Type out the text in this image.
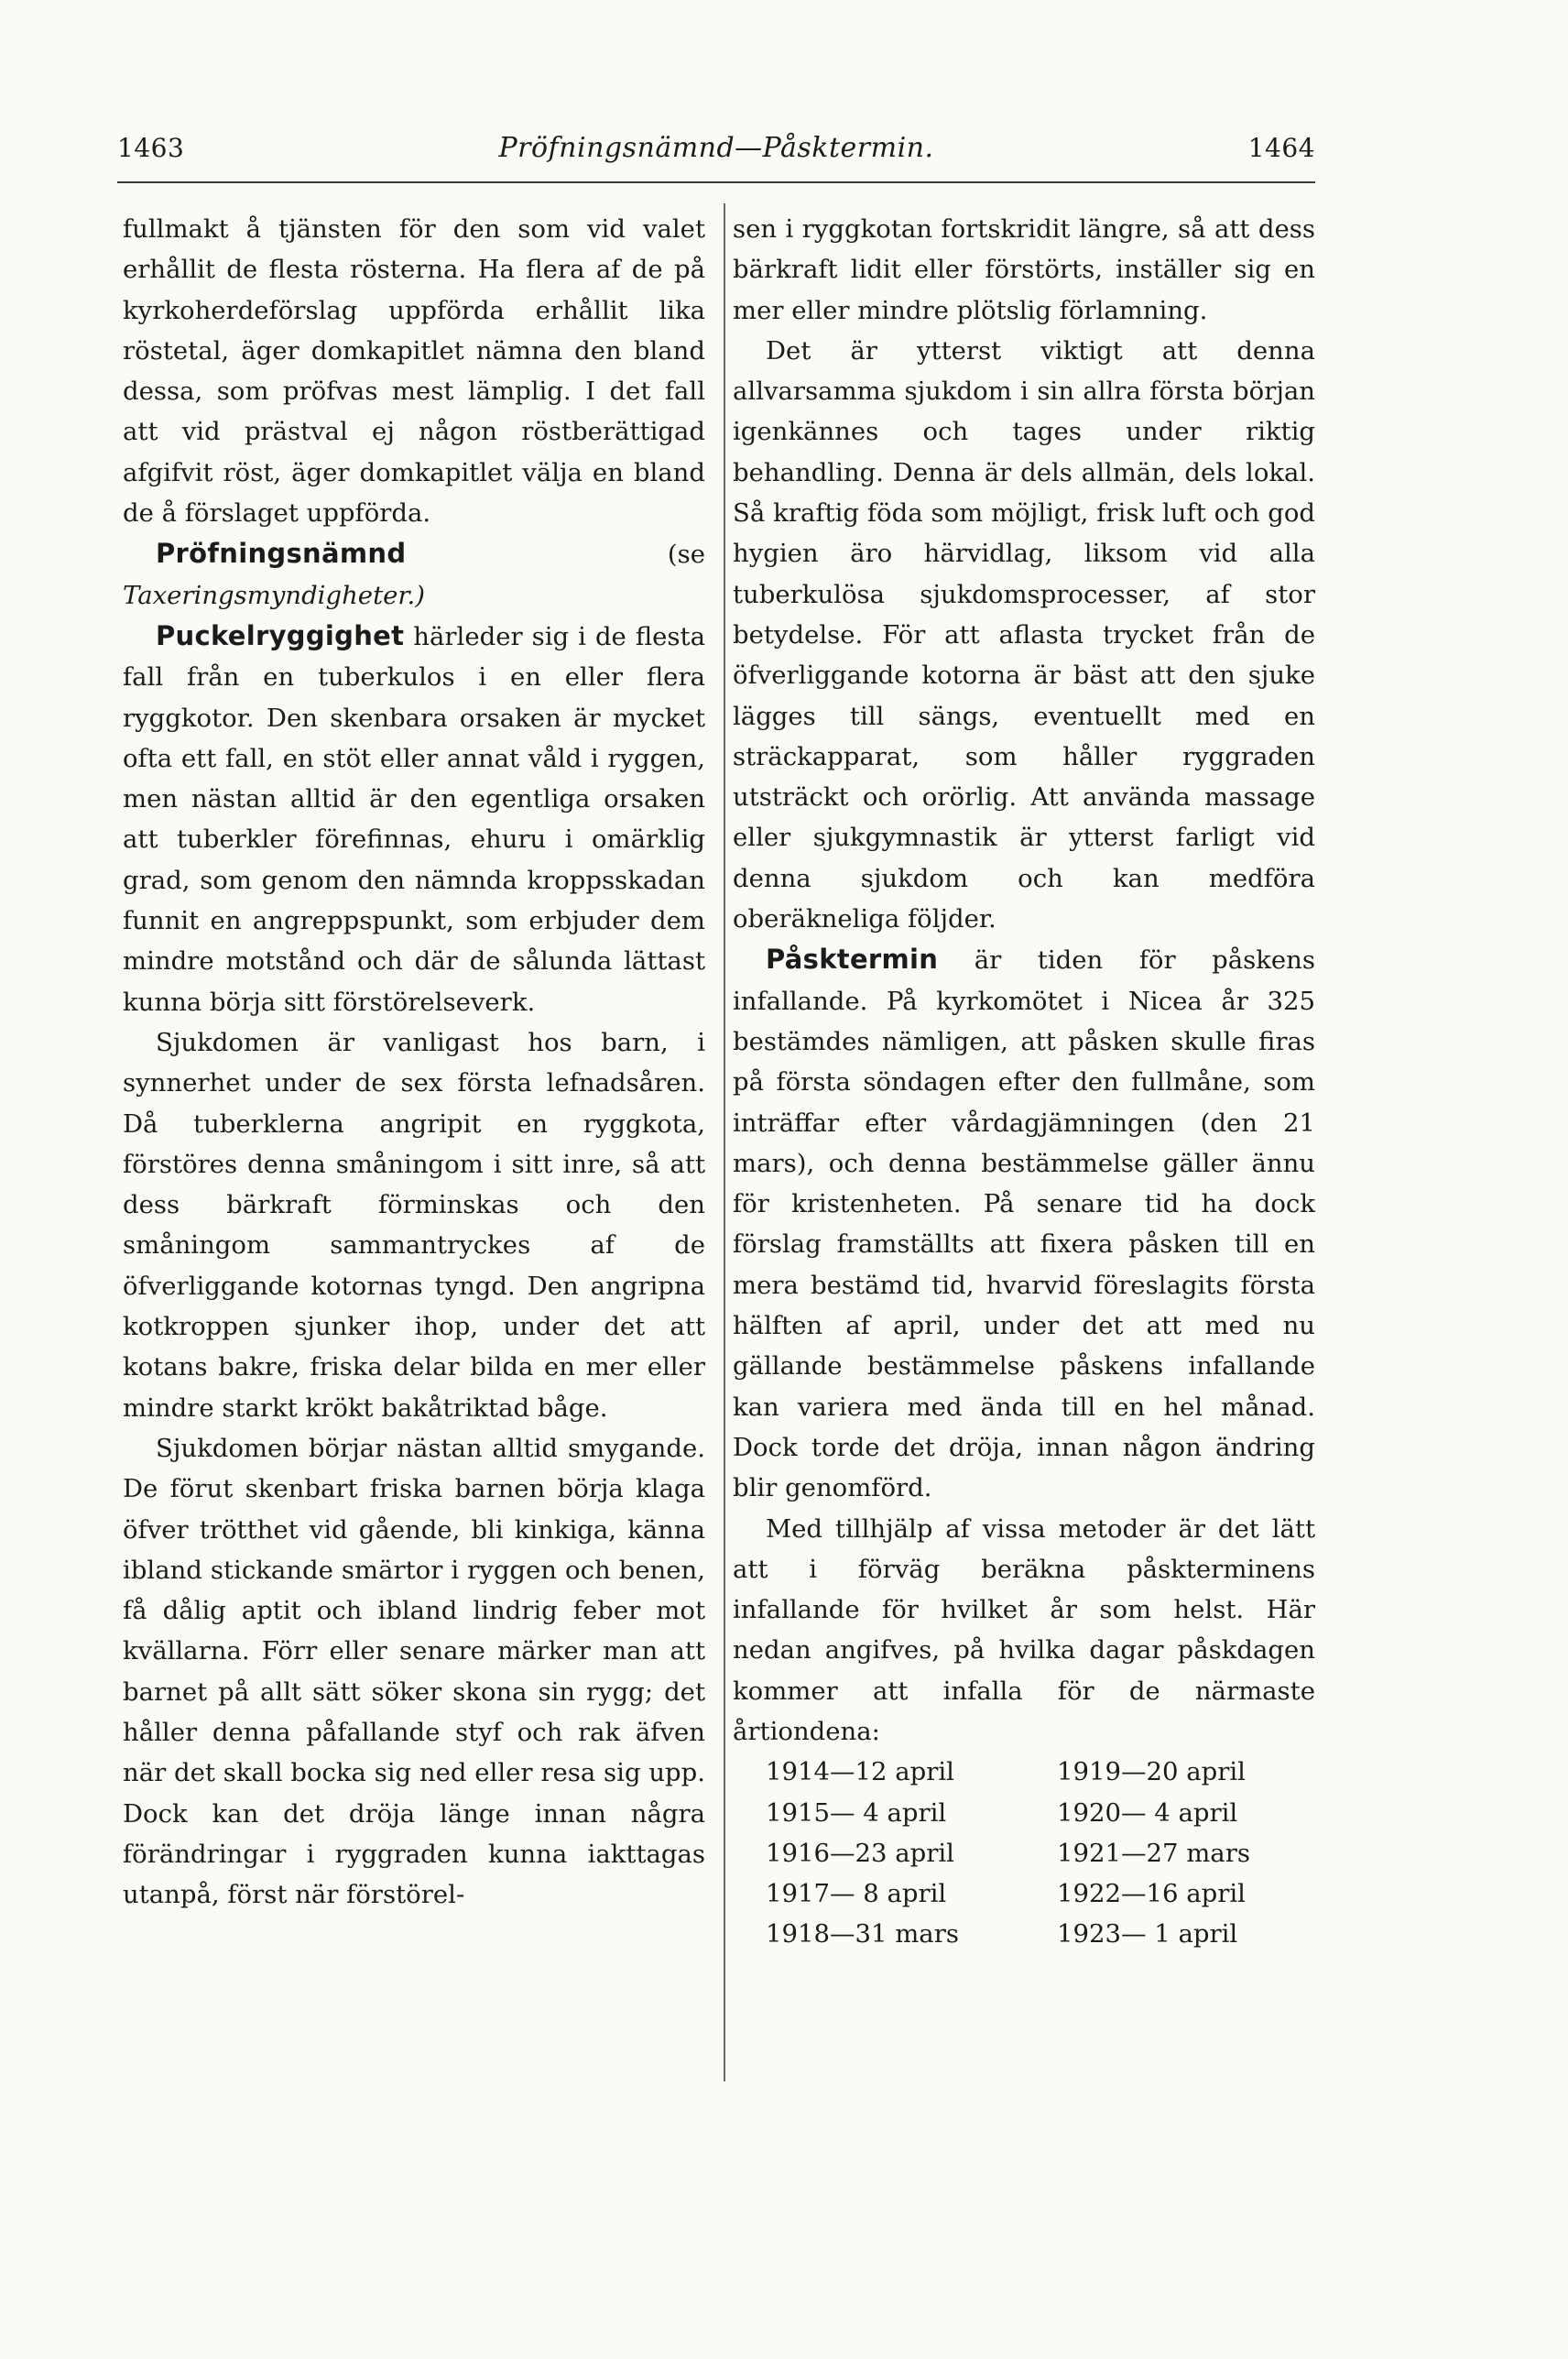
1463	Pröfningsnämnd—Påsktermin.	1464

fullmakt å tjänsten för den som vid valet erhållit de flesta rösterna. Ha flera af de på kyrkoherdeförslag uppförda erhållit lika röstetal, äger domkapitlet nämna den bland dessa, som pröfvas mest lämplig. I det fall att vid prästval ej någon röstberättigad afgifvit röst, äger domkapitlet välja en bland de å förslaget uppförda.

Pröfningsnämnd (se Taxeringsmyndigheter.)

Puckelryggighet härleder sig i de flesta fall från en tuberkulos i en eller flera ryggkotor. Den skenbara orsaken är mycket ofta ett fall, en stöt eller annat våld i ryggen, men nästan alltid är den egentliga orsaken att tuberkler förefinnas, ehuru i omärklig grad, som genom den nämnda kroppsskadan funnit en angreppspunkt, som erbjuder dem mindre motstånd och där de sålunda lättast kunna börja sitt förstörelseverk.

Sjukdomen är vanligast hos barn, i synnerhet under de sex första lefnadsåren. Då tuberklerna angripit en ryggkota, förstöres denna småningom i sitt inre, så att dess bärkraft förminskas och den småningom sammantryckes af de öfverliggande kotornas tyngd. Den angripna kotkroppen sjunker ihop, under det att kotans bakre, friska delar bilda en mer eller mindre starkt krökt bakåtriktad båge.

Sjukdomen börjar nästan alltid smygande. De förut skenbart friska barnen börja klaga öfver trötthet vid gående, bli kinkiga, känna ibland stickande smärtor i ryggen och benen, få dålig aptit och ibland lindrig feber mot kvällarna. Förr eller senare märker man att barnet på allt sätt söker skona sin rygg; det håller denna påfallande styf och rak äfven när det skall bocka sig ned eller resa sig upp. Dock kan det dröja länge innan några förändringar i ryggraden kunna iakttagas utanpå, först när förstörel-

sen i ryggkotan fortskridit längre, så att dess bärkraft lidit eller förstörts, inställer sig en mer eller mindre plötslig förlamning.

Det är ytterst viktigt att denna allvarsamma sjukdom i sin allra första början igenkännes och tages under riktig behandling. Denna är dels allmän, dels lokal. Så kraftig föda som möjligt, frisk luft och god hygien äro härvidlag, liksom vid alla tuberkulösa sjukdomsprocesser, af stor betydelse. För att aflasta trycket från de öfverliggande kotorna är bäst att den sjuke lägges till sängs, eventuellt med en sträckapparat, som håller ryggraden utsträckt och orörlig. Att använda massage eller sjukgymnastik är ytterst farligt vid denna sjukdom och kan medföra oberäkneliga följder.

Påsktermin är tiden för påskens infallande. På kyrkomötet i Nicea år 325 bestämdes nämligen, att påsken skulle firas på första söndagen efter den fullmåne, som inträffar efter vårdagjämningen (den 21 mars), och denna bestämmelse gäller ännu för kristenheten. På senare tid ha dock förslag framställts att fixera påsken till en mera bestämd tid, hvarvid föreslagits första hälften af april, under det att med nu gällande bestämmelse påskens infallande kan variera med ända till en hel månad. Dock torde det dröja, innan någon ändring blir genomförd.

Med tillhjälp af vissa metoder är det lätt att i förväg beräkna påskterminens infallande för hvilket år som helst. Här nedan angifves, på hvilka dagar påskdagen kommer att infalla för de närmaste årtiondena:

1914—12 april	1919—20 april
1915— 4 april	1920— 4 april
1916—23 april	1921—27 mars
1917— 8 april	1922—16 april
1918—31 mars	1923— 1 april
